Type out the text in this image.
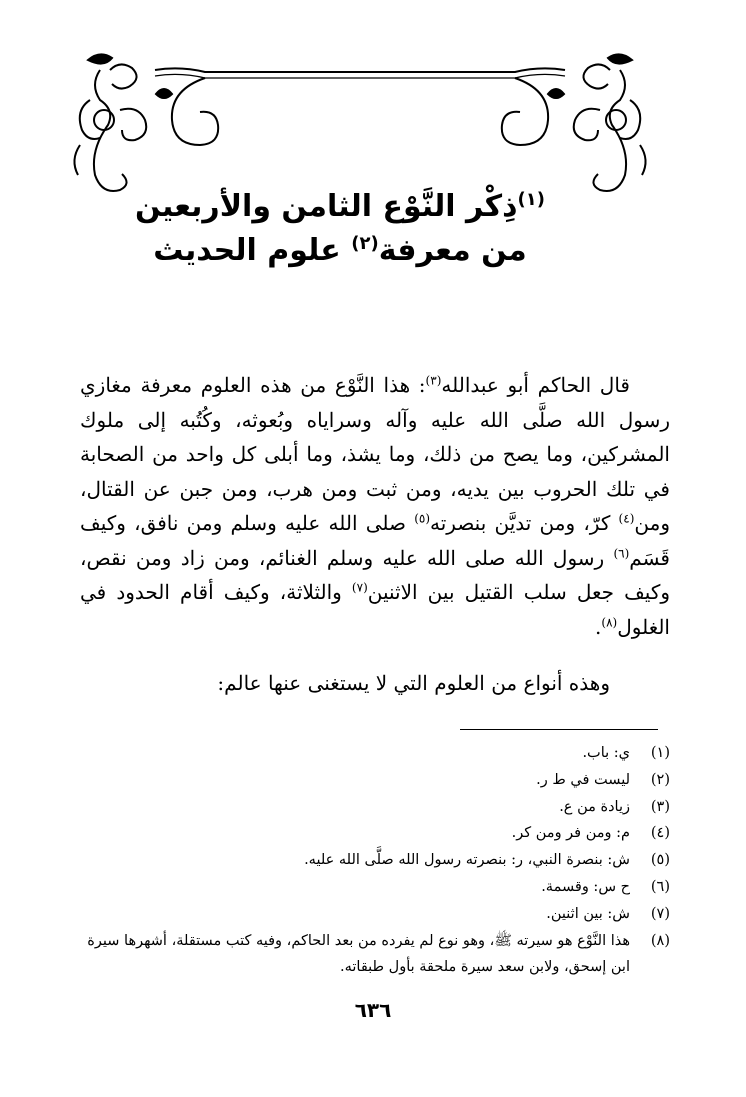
$^{(١)}$ذِكْر النَّوْع الثامن والأربعين
من معرفة$^{(٢)}$ علوم الحديث

قال الحاكم أبو عبدالله$^{(٣)}$: هذا النَّوْع من هذه العلوم معرفة مغازي رسول الله صلَّى الله عليه وآله وسراياه وبُعوثه، وكُتُبه إلى ملوك المشركين، وما يصح من ذلك، وما يشذ، وما أبلى كل واحد من الصحابة في تلك الحروب بين يديه، ومن ثبت ومن هرب، ومن جبن عن القتال، ومن$^{(٤)}$ كرّ، ومن تديَّن بنصرته$^{(٥)}$ صلى الله عليه وسلم ومن نافق، وكيف قَسَم$^{(٦)}$ رسول الله صلى الله عليه وسلم الغنائم، ومن زاد ومن نقص، وكيف جعل سلب القتيل بين الاثنين$^{(٧)}$ والثلاثة، وكيف أقام الحدود في الغلول$^{(٨)}$.

وهذه أنواع من العلوم التي لا يستغنى عنها عالم:

(١)
ي: باب.
(٢)
ليست في ط ر.
(٣)
زيادة من ع.
(٤)
م: ومن فر ومن كر.
(٥)
ش: بنصرة النبي، ر: بنصرته رسول الله صلَّى الله عليه.
(٦)
ح س: وقسمة.
(٧)
ش: بين اثنين.
(٨)
هذا النَّوْع هو سيرته ﷺ، وهو نوع لم يفرده من بعد الحاكم، وفيه كتب مستقلة، أشهرها سيرة ابن إسحق، ولابن سعد سيرة ملحقة بأول طبقاته.
٦٣٦
